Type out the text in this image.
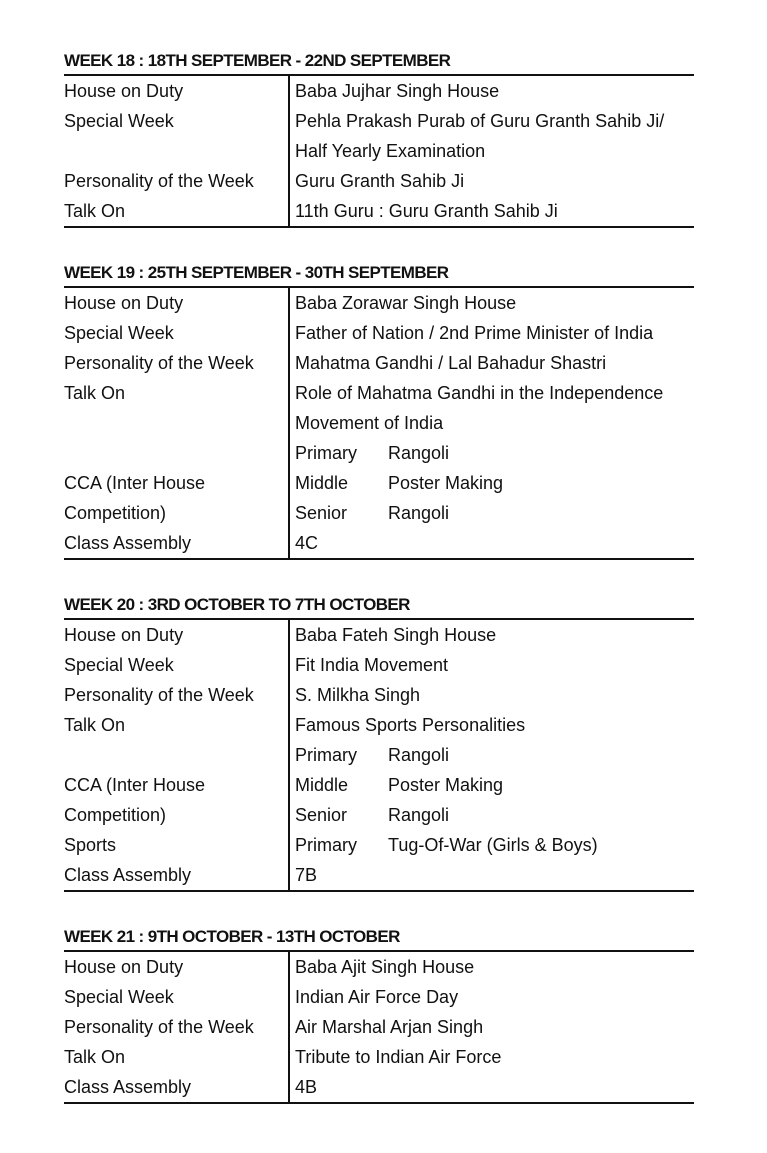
WEEK 18 : 18TH SEPTEMBER - 22ND SEPTEMBER
House on Duty	Baba Jujhar Singh House
Special Week	Pehla Prakash Purab of Guru Granth Sahib Ji/
Half Yearly Examination
Personality of the Week	Guru Granth Sahib Ji
Talk On	11th Guru : Guru Granth Sahib Ji
WEEK 19 : 25TH SEPTEMBER - 30TH SEPTEMBER
House on Duty	Baba Zorawar Singh House
Special Week	Father of Nation / 2nd Prime Minister of India
Personality of the Week	Mahatma Gandhi / Lal Bahadur Shastri
Talk On	Role of Mahatma Gandhi in the Independence
Movement of India
Primary Rangoli
CCA (Inter House	Middle Poster Making
Competition)	Senior Rangoli
Class Assembly	4C
WEEK 20 : 3RD OCTOBER TO 7TH OCTOBER
House on Duty	Baba Fateh Singh House
Special Week	Fit India Movement
Personality of the Week	S. Milkha Singh
Talk On	Famous Sports Personalities
Primary Rangoli
CCA (Inter House	Middle Poster Making
Competition)	Senior Rangoli
Sports	Primary Tug-Of-War (Girls & Boys)
Class Assembly	7B
WEEK 21 : 9TH OCTOBER - 13TH OCTOBER
House on Duty	Baba Ajit Singh House
Special Week	Indian Air Force Day
Personality of the Week	Air Marshal Arjan Singh
Talk On	Tribute to Indian Air Force
Class Assembly	4B
